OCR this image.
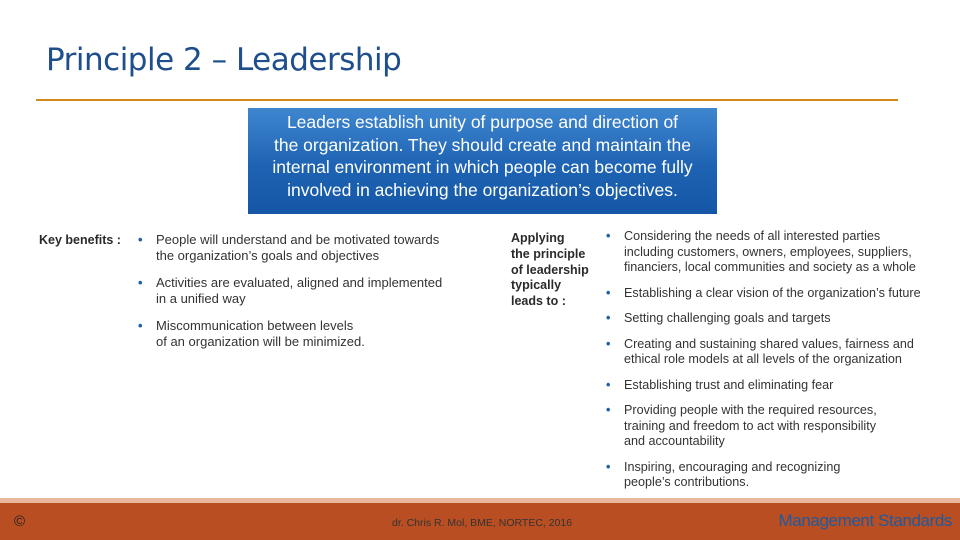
Principle 2 – Leadership
Leaders establish unity of purpose and direction of
the organization. They should create and maintain the
internal environment in which people can become fully
involved in achieving the organization’s objectives.
Key benefits : • People will understand and be motivated towards
the organization’s goals and objectives
• Activities are evaluated, aligned and implemented
in a unified way
• Miscommunication between levels
of an organization will be minimized.
Applying
the principle
of leadership
typically
leads to :
• Considering the needs of all interested parties
including customers, owners, employees, suppliers,
financiers, local communities and society as a whole
• Establishing a clear vision of the organization’s future
• Setting challenging goals and targets
• Creating and sustaining shared values, fairness and
ethical role models at all levels of the organization
• Establishing trust and eliminating fear
• Providing people with the required resources,
training and freedom to act with responsibility
and accountability
• Inspiring, encouraging and recognizing
people’s contributions.
©	dr. Chris R. Mol, BME, NORTEC, 2016	Management Standards
